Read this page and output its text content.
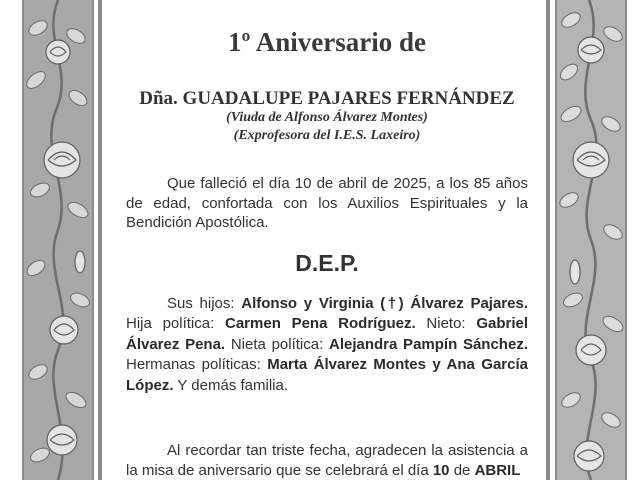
1º Aniversario de
Dña. GUADALUPE PAJARES FERNÁNDEZ
(Viuda de Alfonso Álvarez Montes)
(Exprofesora del I.E.S. Laxeiro)
Que falleció el día 10 de abril de 2025, a los 85 años de edad, confortada con los Auxilios Espirituales y la Bendición Apostólica.
D.E.P.
Sus hijos: Alfonso y Virginia (†) Álvarez Pajares. Hija política: Carmen Pena Rodríguez. Nieto: Gabriel Álvarez Pena. Nieta política: Alejandra Pampín Sánchez. Hermanas políticas: Marta Álvarez Montes y Ana García López. Y demás familia.
Al recordar tan triste fecha, agradecen la asistencia a la misa de aniversario que se celebrará el día 10 de ABRIL
